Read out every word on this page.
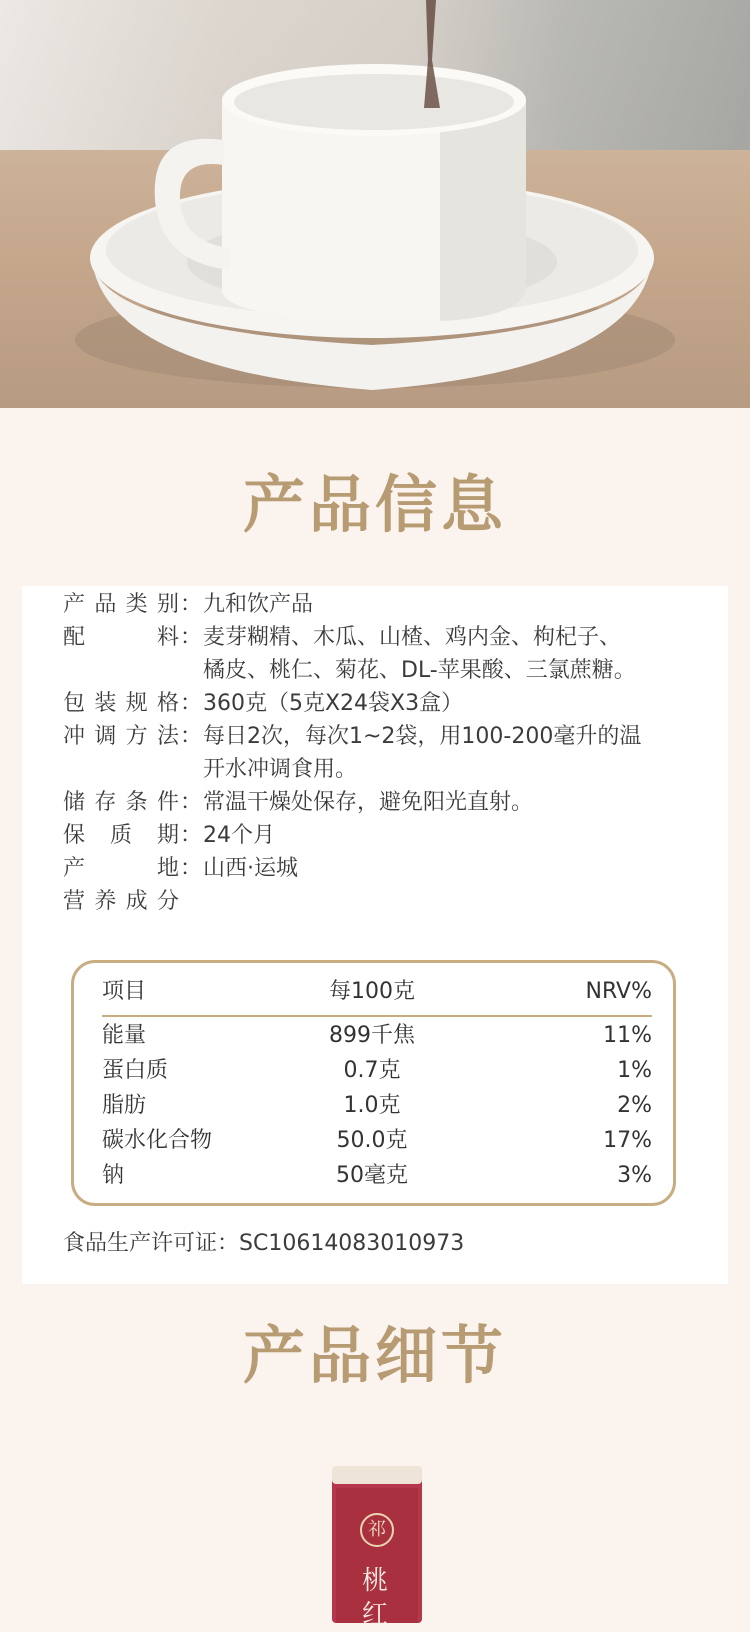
产品信息
产品类别 ： 九和饮产品
配料 ： 麦芽糊精、木瓜、山楂、鸡内金、枸杞子、
橘皮、桃仁、菊花、DL-苹果酸、三氯蔗糖。
包装规格 ： 360克（5克X24袋X3盒）
冲调方法 ： 每日2次，每次1~2袋，用100-200毫升的温
开水冲调食用。
储存条件 ： 常温干燥处保存，避免阳光直射。
保质期 ： 24个月
产地 ： 山西·运城
营养成分
项目	每100克	NRV%
能量	899千焦	11%
蛋白质	0.7克	1%
脂肪	1.0克	2%
碳水化合物	50.0克	17%
钠	50毫克	3%
食品生产许可证：SC10614083010973
产品细节
祁
桃红
